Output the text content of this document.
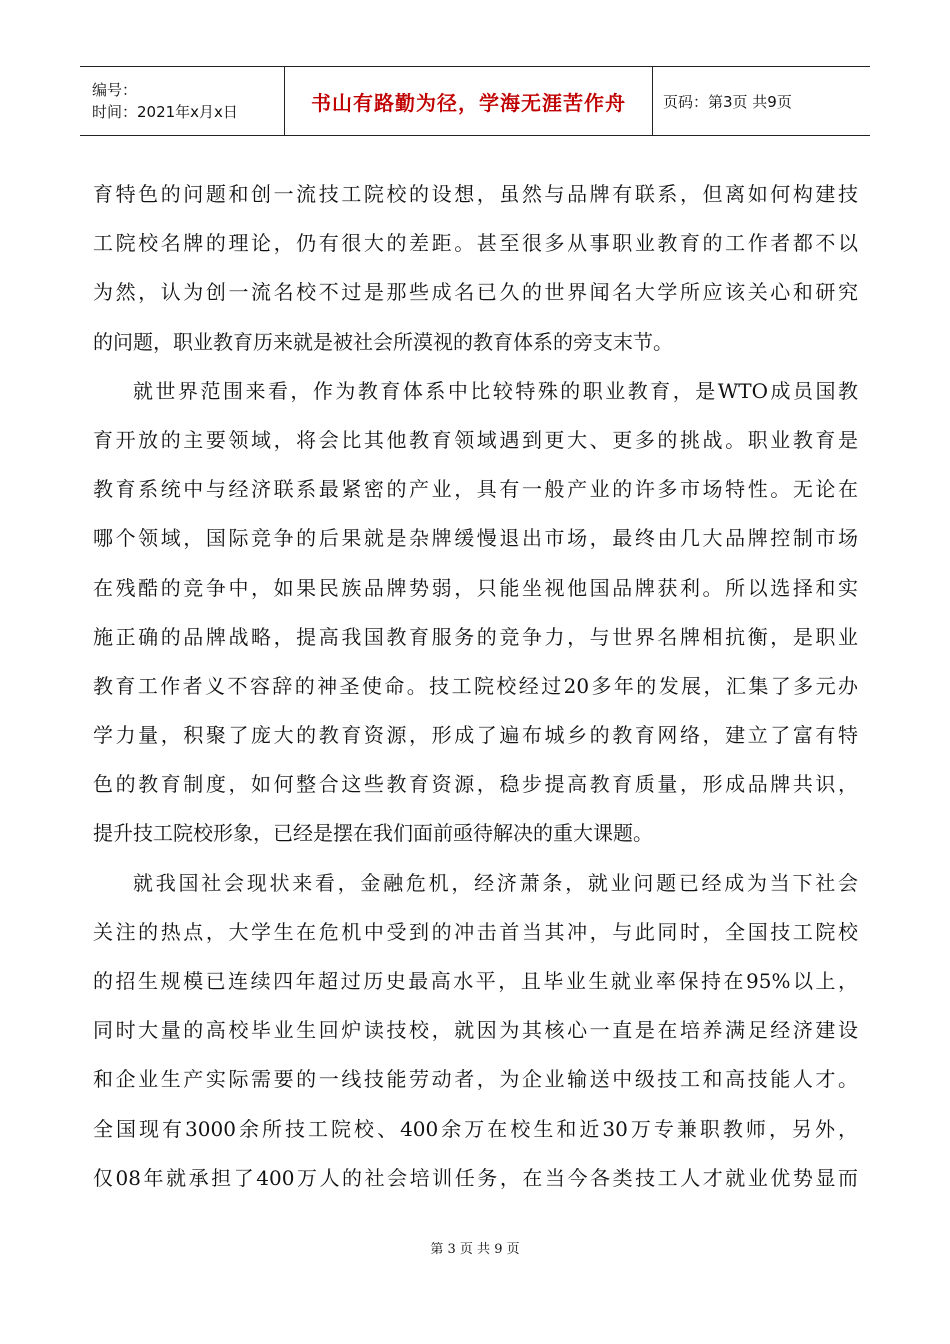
编号：
时间：2021年x月x日	书山有路勤为径，学海无涯苦作舟	页码：第3页 共9页
育特色的问题和创一流技工院校的设想，虽然与品牌有联系，但离如何构建技
工院校名牌的理论，仍有很大的差距。甚至很多从事职业教育的工作者都不以
为然，认为创一流名校不过是那些成名已久的世界闻名大学所应该关心和研究
的问题，职业教育历来就是被社会所漠视的教育体系的旁支末节。
就世界范围来看，作为教育体系中比较特殊的职业教育，是WTO成员国教
育开放的主要领域，将会比其他教育领域遇到更大、更多的挑战。职业教育是
教育系统中与经济联系最紧密的产业，具有一般产业的许多市场特性。无论在
哪个领域，国际竞争的后果就是杂牌缓慢退出市场，最终由几大品牌控制市场
在残酷的竞争中，如果民族品牌势弱，只能坐视他国品牌获利。所以选择和实
施正确的品牌战略，提高我国教育服务的竞争力，与世界名牌相抗衡，是职业
教育工作者义不容辞的神圣使命。技工院校经过20多年的发展，汇集了多元办
学力量，积聚了庞大的教育资源，形成了遍布城乡的教育网络，建立了富有特
色的教育制度，如何整合这些教育资源，稳步提高教育质量，形成品牌共识，
提升技工院校形象，已经是摆在我们面前亟待解决的重大课题。
就我国社会现状来看，金融危机，经济萧条，就业问题已经成为当下社会
关注的热点，大学生在危机中受到的冲击首当其冲，与此同时，全国技工院校
的招生规模已连续四年超过历史最高水平，且毕业生就业率保持在95%以上，
同时大量的高校毕业生回炉读技校，就因为其核心一直是在培养满足经济建设
和企业生产实际需要的一线技能劳动者，为企业输送中级技工和高技能人才。
全国现有3000余所技工院校、400余万在校生和近30万专兼职教师，另外，
仅08年就承担了400万人的社会培训任务，在当今各类技工人才就业优势显而
第 3 页 共 9 页
